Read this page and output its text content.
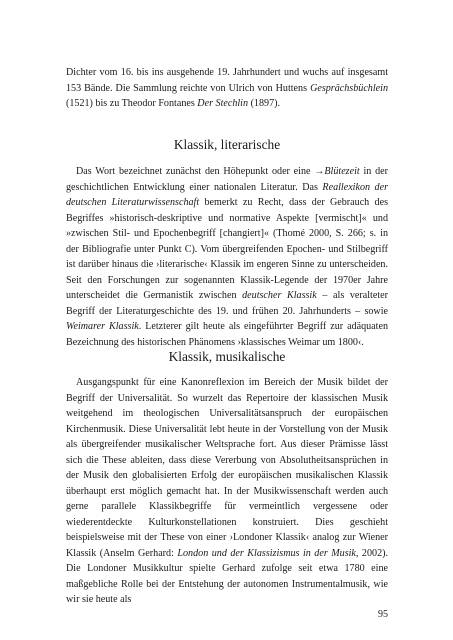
Dichter vom 16. bis ins ausgehende 19. Jahrhundert und wuchs auf insgesamt 153 Bände. Die Sammlung reichte von Ulrich von Huttens Gesprächsbüchlein (1521) bis zu Theodor Fontanes Der Stechlin (1897).

Klassik, literarische

Das Wort bezeichnet zunächst den Höhepunkt oder eine →Blütezeit in der geschichtlichen Entwicklung einer nationalen Literatur. Das Reallexikon der deutschen Literaturwissenschaft bemerkt zu Recht, dass der Gebrauch des Begriffes »historisch-deskriptive und normative Aspekte [vermischt]« und »zwischen Stil- und Epochenbegriff [changiert]« (Thomé 2000, S. 266; s. in der Bibliografie unter Punkt C). Vom übergreifenden Epochen- und Stilbegriff ist darüber hinaus die ›literarische‹ Klassik im engeren Sinne zu unterscheiden. Seit den Forschungen zur sogenannten Klassik-Legende der 1970er Jahre unterscheidet die Germanistik zwischen deutscher Klassik – als veralteter Begriff der Literaturgeschichte des 19. und frühen 20. Jahrhunderts – sowie Weimarer Klassik. Letzterer gilt heute als eingeführter Begriff zur adäquaten Bezeichnung des historischen Phänomens ›klassisches Weimar um 1800‹.

Klassik, musikalische

Ausgangspunkt für eine Kanonreflexion im Bereich der Musik bildet der Begriff der Universalität. So wurzelt das Repertoire der klassischen Musik weitgehend im theologischen Universalitätsanspruch der europäischen Kirchenmusik. Diese Universalität lebt heute in der Vorstellung von der Musik als übergreifender musikalischer Weltsprache fort. Aus dieser Prämisse lässt sich die These ableiten, dass diese Vererbung von Absolutheitsansprüchen in der Musik den globalisierten Erfolg der europäischen musikalischen Klassik überhaupt erst möglich gemacht hat. In der Musikwissenschaft werden auch gerne parallele Klassikbegriffe für vermeintlich vergessene oder wiederentdeckte Kulturkonstellationen konstruiert. Dies geschieht beispielsweise mit der These von einer ›Londoner Klassik‹ analog zur Wiener Klassik (Anselm Gerhard: London und der Klassizismus in der Musik, 2002). Die Londoner Musikkultur spielte Gerhard zufolge seit etwa 1780 eine maßgebliche Rolle bei der Entstehung der autonomen Instrumentalmusik, wie wir sie heute als

95
